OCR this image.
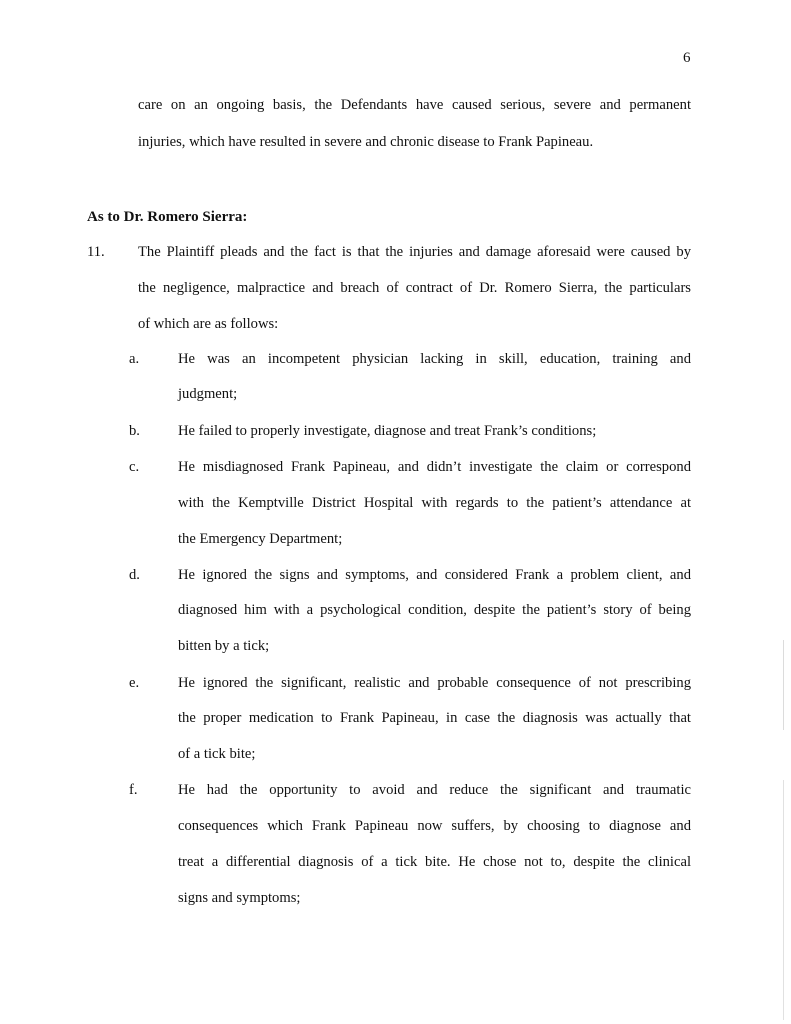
6
care on an ongoing basis, the Defendants have caused serious, severe and permanent
injuries, which have resulted in severe and chronic disease to Frank Papineau.
As to Dr. Romero Sierra:
11. The Plaintiff pleads and the fact is that the injuries and damage aforesaid were caused by
the negligence, malpractice and breach of contract of Dr. Romero Sierra, the particulars
of which are as follows:
a.	He was an incompetent physician lacking in skill, education, training and
judgment;
b.	He failed to properly investigate, diagnose and treat Frank’s conditions;
c.	He misdiagnosed Frank Papineau, and didn’t investigate the claim or correspond
with the Kemptville District Hospital with regards to the patient’s attendance at
the Emergency Department;
d.	He ignored the signs and symptoms, and considered Frank a problem client, and
diagnosed him with a psychological condition, despite the patient’s story of being
bitten by a tick;
e.	He ignored the significant, realistic and probable consequence of not prescribing
the proper medication to Frank Papineau, in case the diagnosis was actually that
of a tick bite;
f.	He had the opportunity to avoid and reduce the significant and traumatic
consequences which Frank Papineau now suffers, by choosing to diagnose and
treat a differential diagnosis of a tick bite. He chose not to, despite the clinical
signs and symptoms;
